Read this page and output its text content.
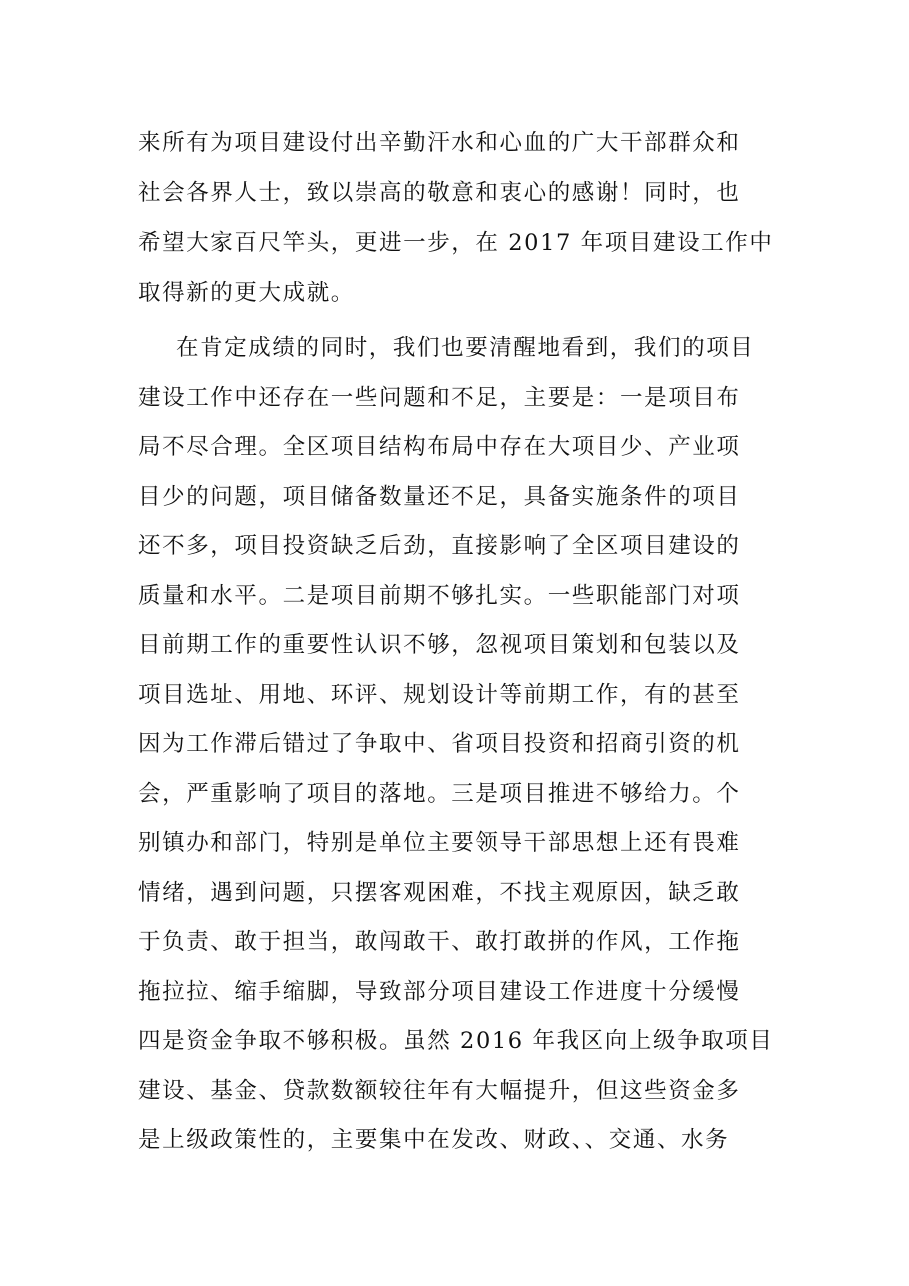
来所有为项目建设付出辛勤汗水和心血的广大干部群众和
社会各界人士，致以崇高的敬意和衷心的感谢！同时，也
希望大家百尺竿头，更进一步，在 2017 年项目建设工作中
取得新的更大成就。
在肯定成绩的同时，我们也要清醒地看到，我们的项目
建设工作中还存在一些问题和不足，主要是：一是项目布
局不尽合理。全区项目结构布局中存在大项目少、产业项
目少的问题，项目储备数量还不足，具备实施条件的项目
还不多，项目投资缺乏后劲，直接影响了全区项目建设的
质量和水平。二是项目前期不够扎实。一些职能部门对项
目前期工作的重要性认识不够，忽视项目策划和包装以及
项目选址、用地、环评、规划设计等前期工作，有的甚至
因为工作滞后错过了争取中、省项目投资和招商引资的机
会，严重影响了项目的落地。三是项目推进不够给力。个
别镇办和部门，特别是单位主要领导干部思想上还有畏难
情绪，遇到问题，只摆客观困难，不找主观原因，缺乏敢
于负责、敢于担当，敢闯敢干、敢打敢拼的作风，工作拖
拖拉拉、缩手缩脚，导致部分项目建设工作进度十分缓慢
四是资金争取不够积极。虽然 2016 年我区向上级争取项目
建设、基金、贷款数额较往年有大幅提升，但这些资金多
是上级政策性的，主要集中在发改、财政、、交通、水务
